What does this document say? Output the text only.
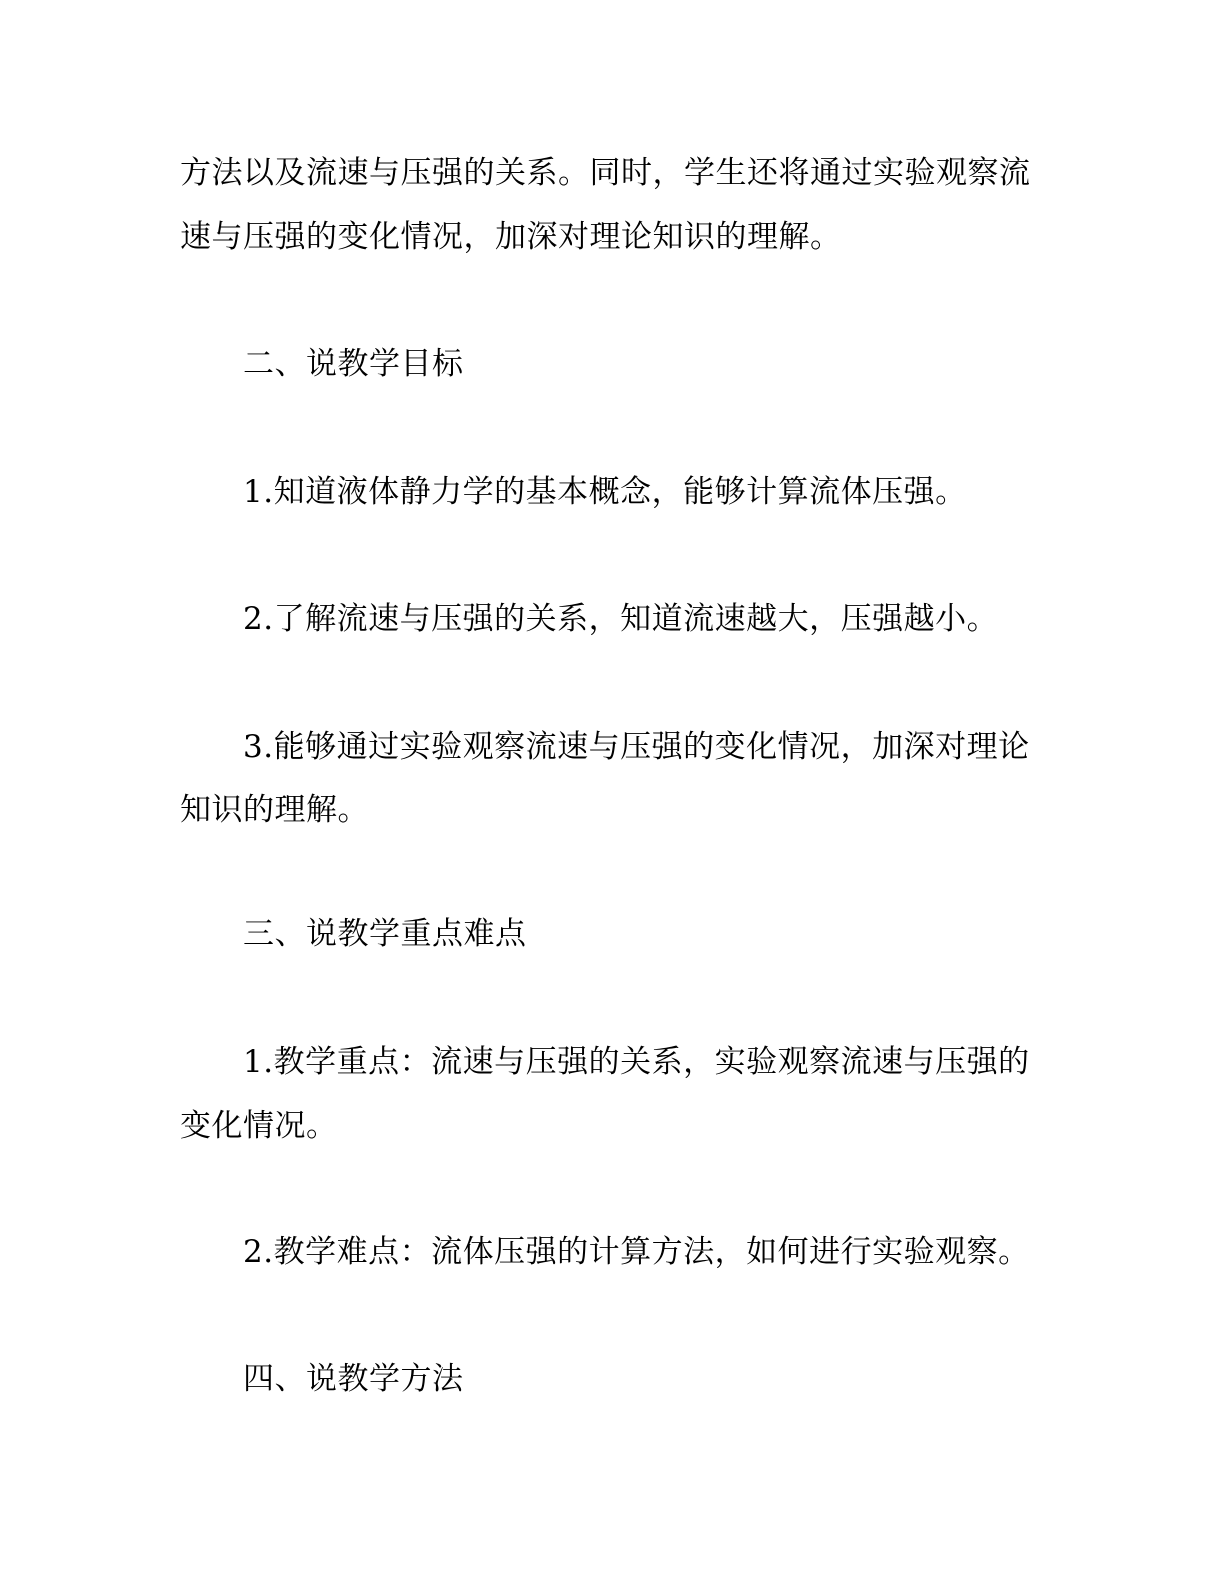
方法以及流速与压强的关系。同时，学生还将通过实验观察流
速与压强的变化情况，加深对理论知识的理解。
二、说教学目标
1.知道液体静力学的基本概念，能够计算流体压强。
2.了解流速与压强的关系，知道流速越大，压强越小。
3.能够通过实验观察流速与压强的变化情况，加深对理论
知识的理解。
三、说教学重点难点
1.教学重点：流速与压强的关系，实验观察流速与压强的
变化情况。
2.教学难点：流体压强的计算方法，如何进行实验观察。
四、说教学方法
